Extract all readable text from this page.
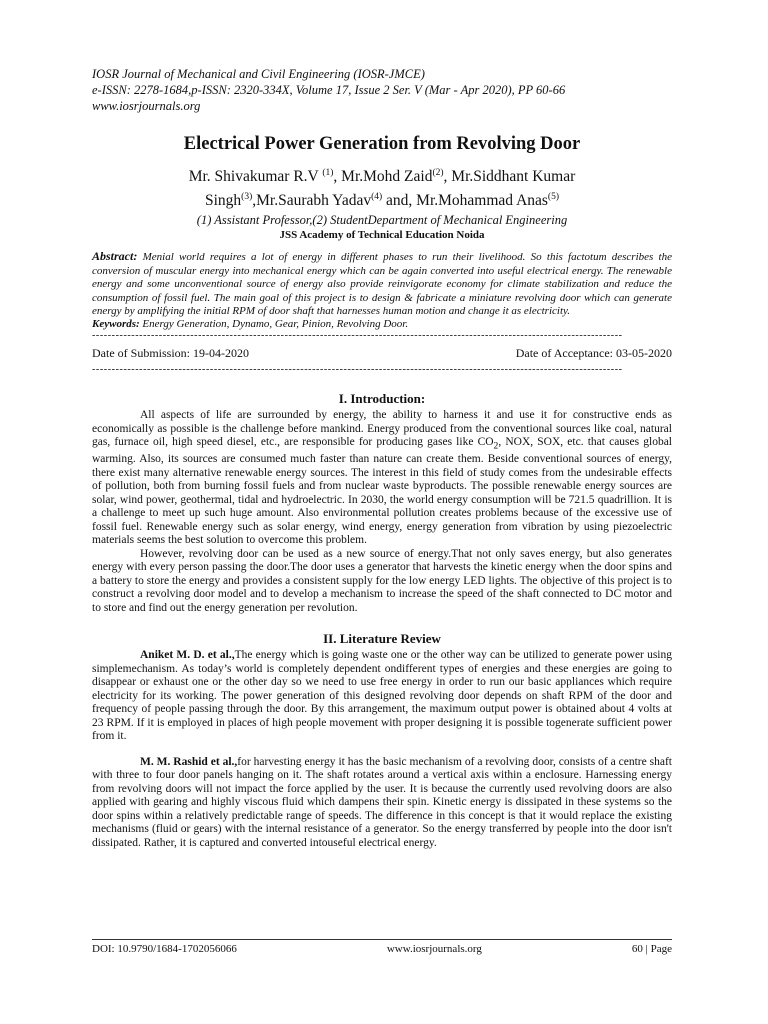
IOSR Journal of Mechanical and Civil Engineering (IOSR-JMCE)
e-ISSN: 2278-1684,p-ISSN: 2320-334X, Volume 17, Issue 2 Ser. V (Mar - Apr 2020), PP 60-66
www.iosrjournals.org
Electrical Power Generation from Revolving Door
Mr. Shivakumar R.V $^{(1)}$, Mr.Mohd Zaid$^{(2)}$, Mr.Siddhant Kumar
Singh$^{(3)}$,Mr.Saurabh Yadav$^{(4)}$ and, Mr.Mohammad Anas$^{(5)}$
(1) Assistant Professor,(2) StudentDepartment of Mechanical Engineering
JSS Academy of Technical Education Noida
Abstract: Menial world requires a lot of energy in different phases to run their livelihood. So this factotum describes the conversion of muscular energy into mechanical energy which can be again converted into useful electrical energy. The renewable energy and some unconventional source of energy also provide reinvigorate economy for climate stabilization and reduce the consumption of fossil fuel. The main goal of this project is to design & fabricate a miniature revolving door which can generate energy by amplifying the initial RPM of door shaft that harnesses human motion and change it as electricity.
Keywords: Energy Generation, Dynamo, Gear, Pinion, Revolving Door.
---------------------------------------------------------------------------------------------------------------------------------------
Date of Submission: 19-04-2020	Date of Acceptance: 03-05-2020
---------------------------------------------------------------------------------------------------------------------------------------
I. Introduction:

All aspects of life are surrounded by energy, the ability to harness it and use it for constructive ends as economically as possible is the challenge before mankind. Energy produced from the conventional sources like coal, natural gas, furnace oil, high speed diesel, etc., are responsible for producing gases like $CO_2$, NOX, SOX, etc. that causes global warming. Also, its sources are consumed much faster than nature can create them. Beside conventional sources of energy, there exist many alternative renewable energy sources. The interest in this field of study comes from the undesirable effects of pollution, both from burning fossil fuels and from nuclear waste byproducts. The possible renewable energy sources are solar, wind power, geothermal, tidal and hydroelectric. In 2030, the world energy consumption will be 721.5 quadrillion. It is a challenge to meet up such huge amount. Also environmental pollution creates problems because of the excessive use of fossil fuel. Renewable energy such as solar energy, wind energy, energy generation from vibration by using piezoelectric materials seems the best solution to overcome this problem.

However, revolving door can be used as a new source of energy.That not only saves energy, but also generates energy with every person passing the door.The door uses a generator that harvests the kinetic energy when the door spins and a battery to store the energy and provides a consistent supply for the low energy LED lights. The objective of this project is to construct a revolving door model and to develop a mechanism to increase the speed of the shaft connected to DC motor and to store and find out the energy generation per revolution.

II. Literature Review

Aniket M. D. et al.,The energy which is going waste one or the other way can be utilized to generate power using simplemechanism. As today’s world is completely dependent ondifferent types of energies and these energies are going to disappear or exhaust one or the other day so we need to use free energy in order to run our basic appliances which require electricity for its working. The power generation of this designed revolving door depends on shaft RPM of the door and frequency of people passing through the door. By this arrangement, the maximum output power is obtained about 4 volts at 23 RPM. If it is employed in places of high people movement with proper designing it is possible togenerate sufficient power from it.

M. M. Rashid et al.,for harvesting energy it has the basic mechanism of a revolving door, consists of a centre shaft with three to four door panels hanging on it. The shaft rotates around a vertical axis within a enclosure. Harnessing energy from revolving doors will not impact the force applied by the user. It is because the currently used revolving doors are also applied with gearing and highly viscous fluid which dampens their spin. Kinetic energy is dissipated in these systems so the door spins within a relatively predictable range of speeds. The difference in this concept is that it would replace the existing mechanisms (fluid or gears) with the internal resistance of a generator. So the energy transferred by people into the door isn't dissipated. Rather, it is captured and converted intouseful electrical energy.

DOI: 10.9790/1684-1702056066	www.iosrjournals.org	60 | Page
